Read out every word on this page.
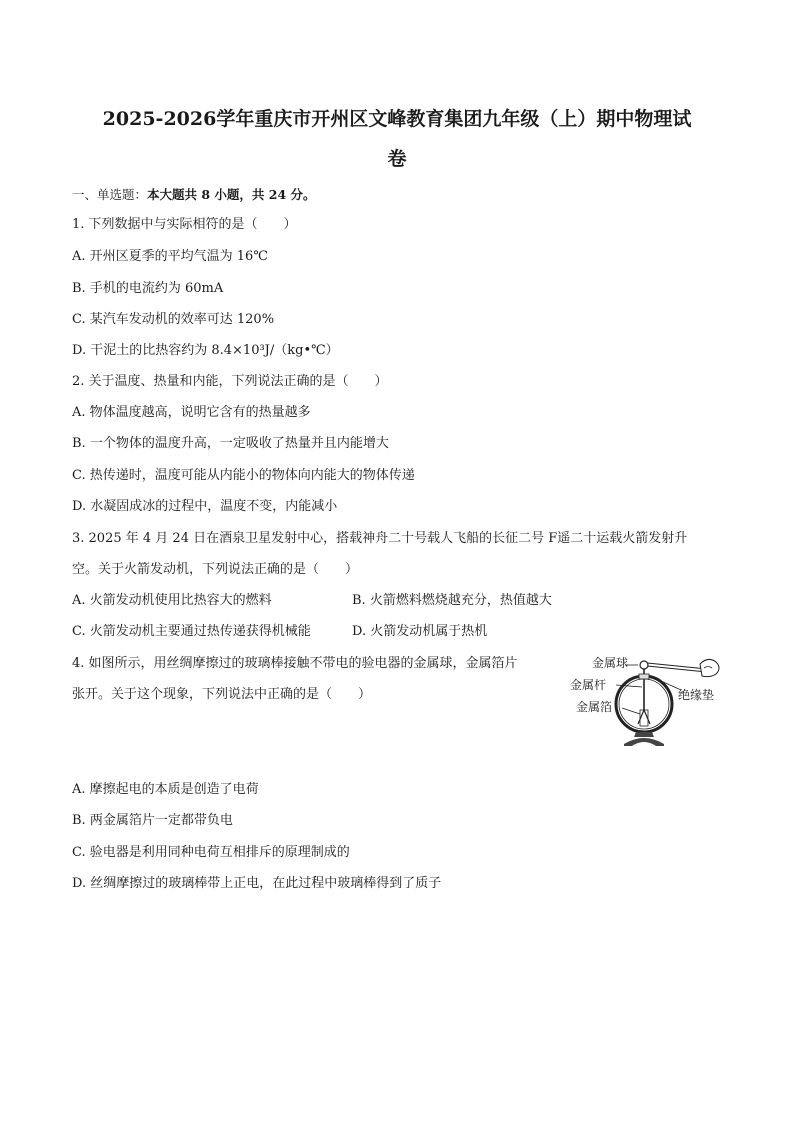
2025-2026学年重庆市开州区文峰教育集团九年级（上）期中物理试
卷
一、单选题：本大题共 8 小题，共 24 分。
1. 下列数据中与实际相符的是（　　）
A. 开州区夏季的平均气温为 16℃
B. 手机的电流约为 60mA
C. 某汽车发动机的效率可达 120%
D. 干泥土的比热容约为 8.4×10³J/（kg•℃）
2. 关于温度、热量和内能，下列说法正确的是（　　）
A. 物体温度越高，说明它含有的热量越多
B. 一个物体的温度升高，一定吸收了热量并且内能增大
C. 热传递时，温度可能从内能小的物体向内能大的物体传递
D. 水凝固成冰的过程中，温度不变，内能减小
3. 2025 年 4 月 24 日在酒泉卫星发射中心，搭载神舟二十号载人飞船的长征二号 F遥二十运载火箭发射升
空。关于火箭发动机，下列说法正确的是（　　）
A. 火箭发动机使用比热容大的燃料	B. 火箭燃料燃烧越充分，热值越大
C. 火箭发动机主要通过热传递获得机械能	D. 火箭发动机属于热机
4. 如图所示，用丝绸摩擦过的玻璃棒接触不带电的验电器的金属球，金属箔片
张开。关于这个现象，下列说法中正确的是（　　）
金属球
金属杆
金属箔
绝缘垫
A. 摩擦起电的本质是创造了电荷
B. 两金属箔片一定都带负电
C. 验电器是利用同种电荷互相排斥的原理制成的
D. 丝绸摩擦过的玻璃棒带上正电，在此过程中玻璃棒得到了质子
